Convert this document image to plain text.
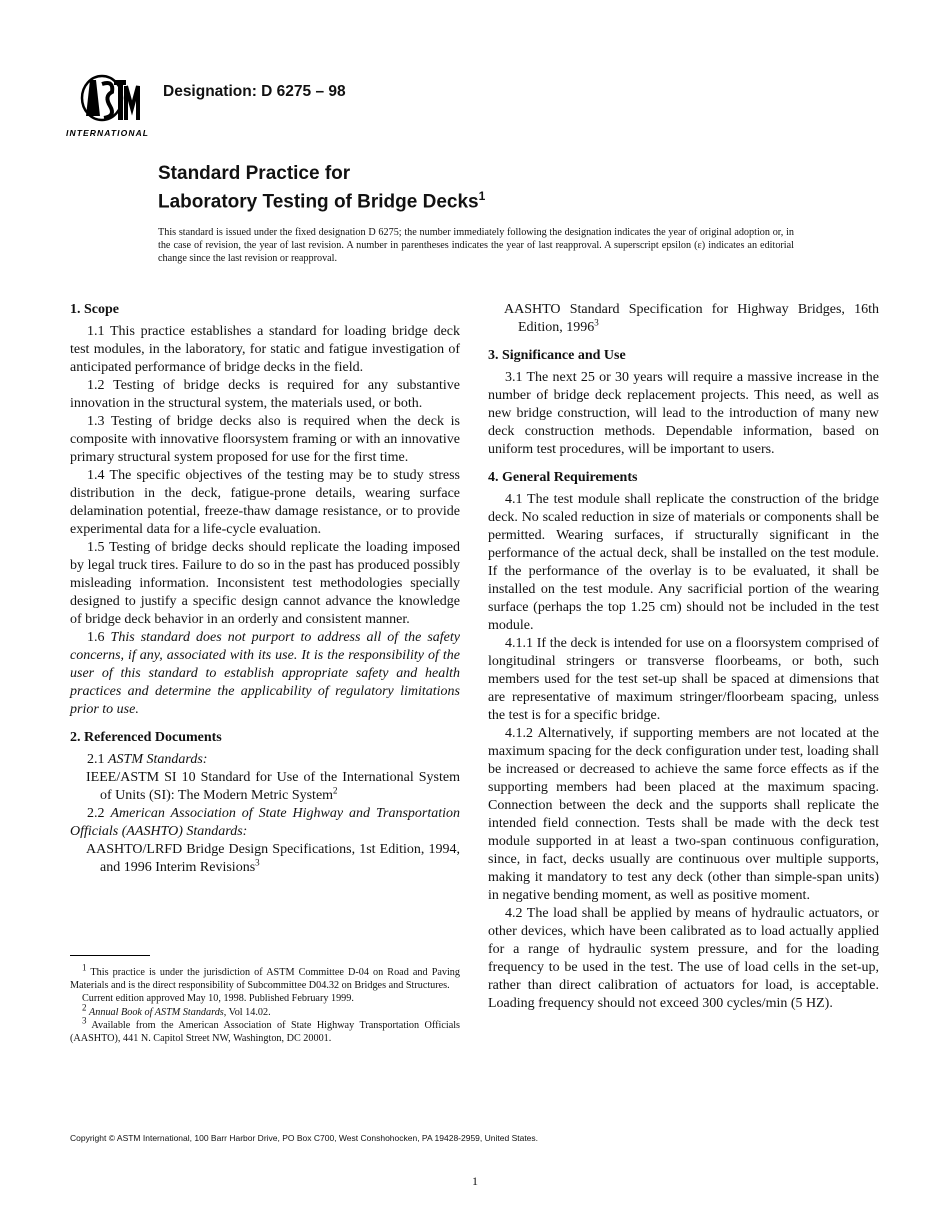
INTERNATIONAL
Designation: D 6275 – 98
Standard Practice for
Laboratory Testing of Bridge Decks$^1$
This standard is issued under the fixed designation D 6275; the number immediately following the designation indicates the year of original adoption or, in the case of revision, the year of last revision. A number in parentheses indicates the year of last reapproval. A superscript epsilon (ε) indicates an editorial change since the last revision or reapproval.
1. Scope

1.1 This practice establishes a standard for loading bridge deck test modules, in the laboratory, for static and fatigue investigation of anticipated performance of bridge decks in the field.

1.2 Testing of bridge decks is required for any substantive innovation in the structural system, the materials used, or both.

1.3 Testing of bridge decks also is required when the deck is composite with innovative floorsystem framing or with an innovative primary structural system proposed for use for the first time.

1.4 The specific objectives of the testing may be to study stress distribution in the deck, fatigue-prone details, wearing surface delamination potential, freeze-thaw damage resistance, or to provide experimental data for a life-cycle evaluation.

1.5 Testing of bridge decks should replicate the loading imposed by legal truck tires. Failure to do so in the past has produced possibly misleading information. Inconsistent test methodologies specially designed to justify a specific design cannot advance the knowledge of bridge deck behavior in an orderly and consistent manner.

1.6 This standard does not purport to address all of the safety concerns, if any, associated with its use. It is the responsibility of the user of this standard to establish appropriate safety and health practices and determine the applicability of regulatory limitations prior to use.

2. Referenced Documents

2.1 ASTM Standards:

IEEE/ASTM SI 10 Standard for Use of the International System of Units (SI): The Modern Metric System$^2$

2.2 American Association of State Highway and Transportation Officials (AASHTO) Standards:

AASHTO/LRFD Bridge Design Specifications, 1st Edition, 1994, and 1996 Interim Revisions$^3$

$^1$ This practice is under the jurisdiction of ASTM Committee D-04 on Road and Paving Materials and is the direct responsibility of Subcommittee D04.32 on Bridges and Structures.

Current edition approved May 10, 1998. Published February 1999.

$^2$ Annual Book of ASTM Standards, Vol 14.02.

$^3$ Available from the American Association of State Highway Transportation Officials (AASHTO), 441 N. Capitol Street NW, Washington, DC 20001.

AASHTO Standard Specification for Highway Bridges, 16th Edition, 1996$^3$

3. Significance and Use

3.1 The next 25 or 30 years will require a massive increase in the number of bridge deck replacement projects. This need, as well as new bridge construction, will lead to the introduction of many new deck construction methods. Dependable information, based on uniform test procedures, will be important to users.

4. General Requirements

4.1 The test module shall replicate the construction of the bridge deck. No scaled reduction in size of materials or components shall be permitted. Wearing surfaces, if structurally significant in the performance of the actual deck, shall be installed on the test module. If the performance of the overlay is to be evaluated, it shall be installed on the test module. Any sacrificial portion of the wearing surface (perhaps the top 1.25 cm) should not be included in the test module.

4.1.1 If the deck is intended for use on a floorsystem comprised of longitudinal stringers or transverse floorbeams, or both, such members used for the test set-up shall be spaced at dimensions that are representative of maximum stringer/floorbeam spacing, unless the test is for a specific bridge.

4.1.2 Alternatively, if supporting members are not located at the maximum spacing for the deck configuration under test, loading shall be increased or decreased to achieve the same force effects as if the supporting members had been placed at the maximum spacing. Connection between the deck and the supports shall replicate the intended field connection. Tests shall be made with the deck test module supported in at least a two-span continuous configuration, since, in fact, decks usually are continuous over multiple supports, making it mandatory to test any deck (other than simple-span units) in negative bending moment, as well as positive moment.

4.2 The load shall be applied by means of hydraulic actuators, or other devices, which have been calibrated as to load actually applied for a range of hydraulic system pressure, and for the loading frequency to be used in the test. The use of load cells in the set-up, rather than direct calibration of actuators for load, is acceptable. Loading frequency should not exceed 300 cycles/min (5 HZ).

Copyright © ASTM International, 100 Barr Harbor Drive, PO Box C700, West Conshohocken, PA 19428-2959, United States.
1
